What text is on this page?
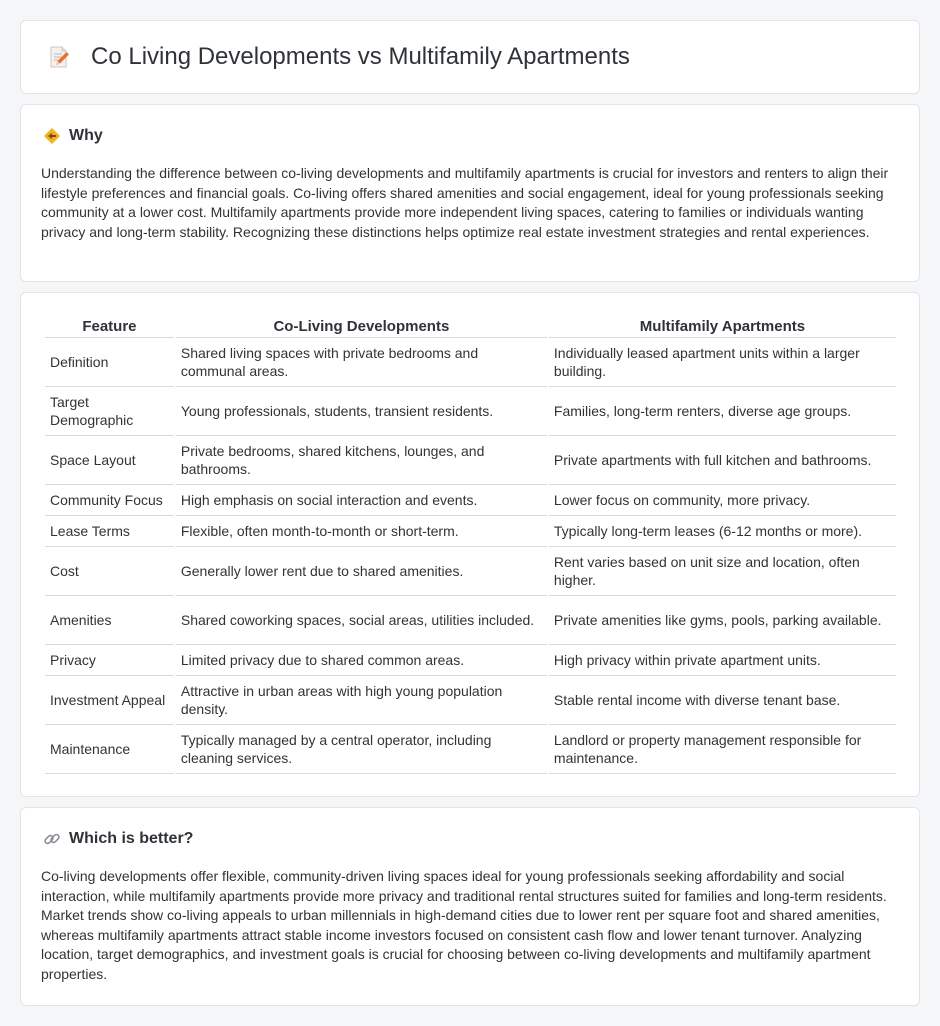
Co Living Developments vs Multifamily Apartments
Why

Understanding the difference between co-living developments and multifamily apartments is crucial for investors and renters to align their lifestyle preferences and financial goals. Co-living offers shared amenities and social engagement, ideal for young professionals seeking community at a lower cost. Multifamily apartments provide more independent living spaces, catering to families or individuals wanting privacy and long-term stability. Recognizing these distinctions helps optimize real estate investment strategies and rental experiences.

Feature	Co-Living Developments	Multifamily Apartments
Definition	Shared living spaces with private bedrooms and communal areas.	Individually leased apartment units within a larger building.
Target Demographic	Young professionals, students, transient residents.	Families, long-term renters, diverse age groups.
Space Layout	Private bedrooms, shared kitchens, lounges, and bathrooms.	Private apartments with full kitchen and bathrooms.
Community Focus	High emphasis on social interaction and events.	Lower focus on community, more privacy.
Lease Terms	Flexible, often month-to-month or short-term.	Typically long-term leases (6-12 months or more).
Cost	Generally lower rent due to shared amenities.	Rent varies based on unit size and location, often higher.
Amenities	Shared coworking spaces, social areas, utilities included.	Private amenities like gyms, pools, parking available.
Privacy	Limited privacy due to shared common areas.	High privacy within private apartment units.
Investment Appeal	Attractive in urban areas with high young population density.	Stable rental income with diverse tenant base.
Maintenance	Typically managed by a central operator, including cleaning services.	Landlord or property management responsible for maintenance.
Which is better?

Co-living developments offer flexible, community-driven living spaces ideal for young professionals seeking affordability and social interaction, while multifamily apartments provide more privacy and traditional rental structures suited for families and long-term residents. Market trends show co-living appeals to urban millennials in high-demand cities due to lower rent per square foot and shared amenities, whereas multifamily apartments attract stable income investors focused on consistent cash flow and lower tenant turnover. Analyzing location, target demographics, and investment goals is crucial for choosing between co-living developments and multifamily apartment properties.
